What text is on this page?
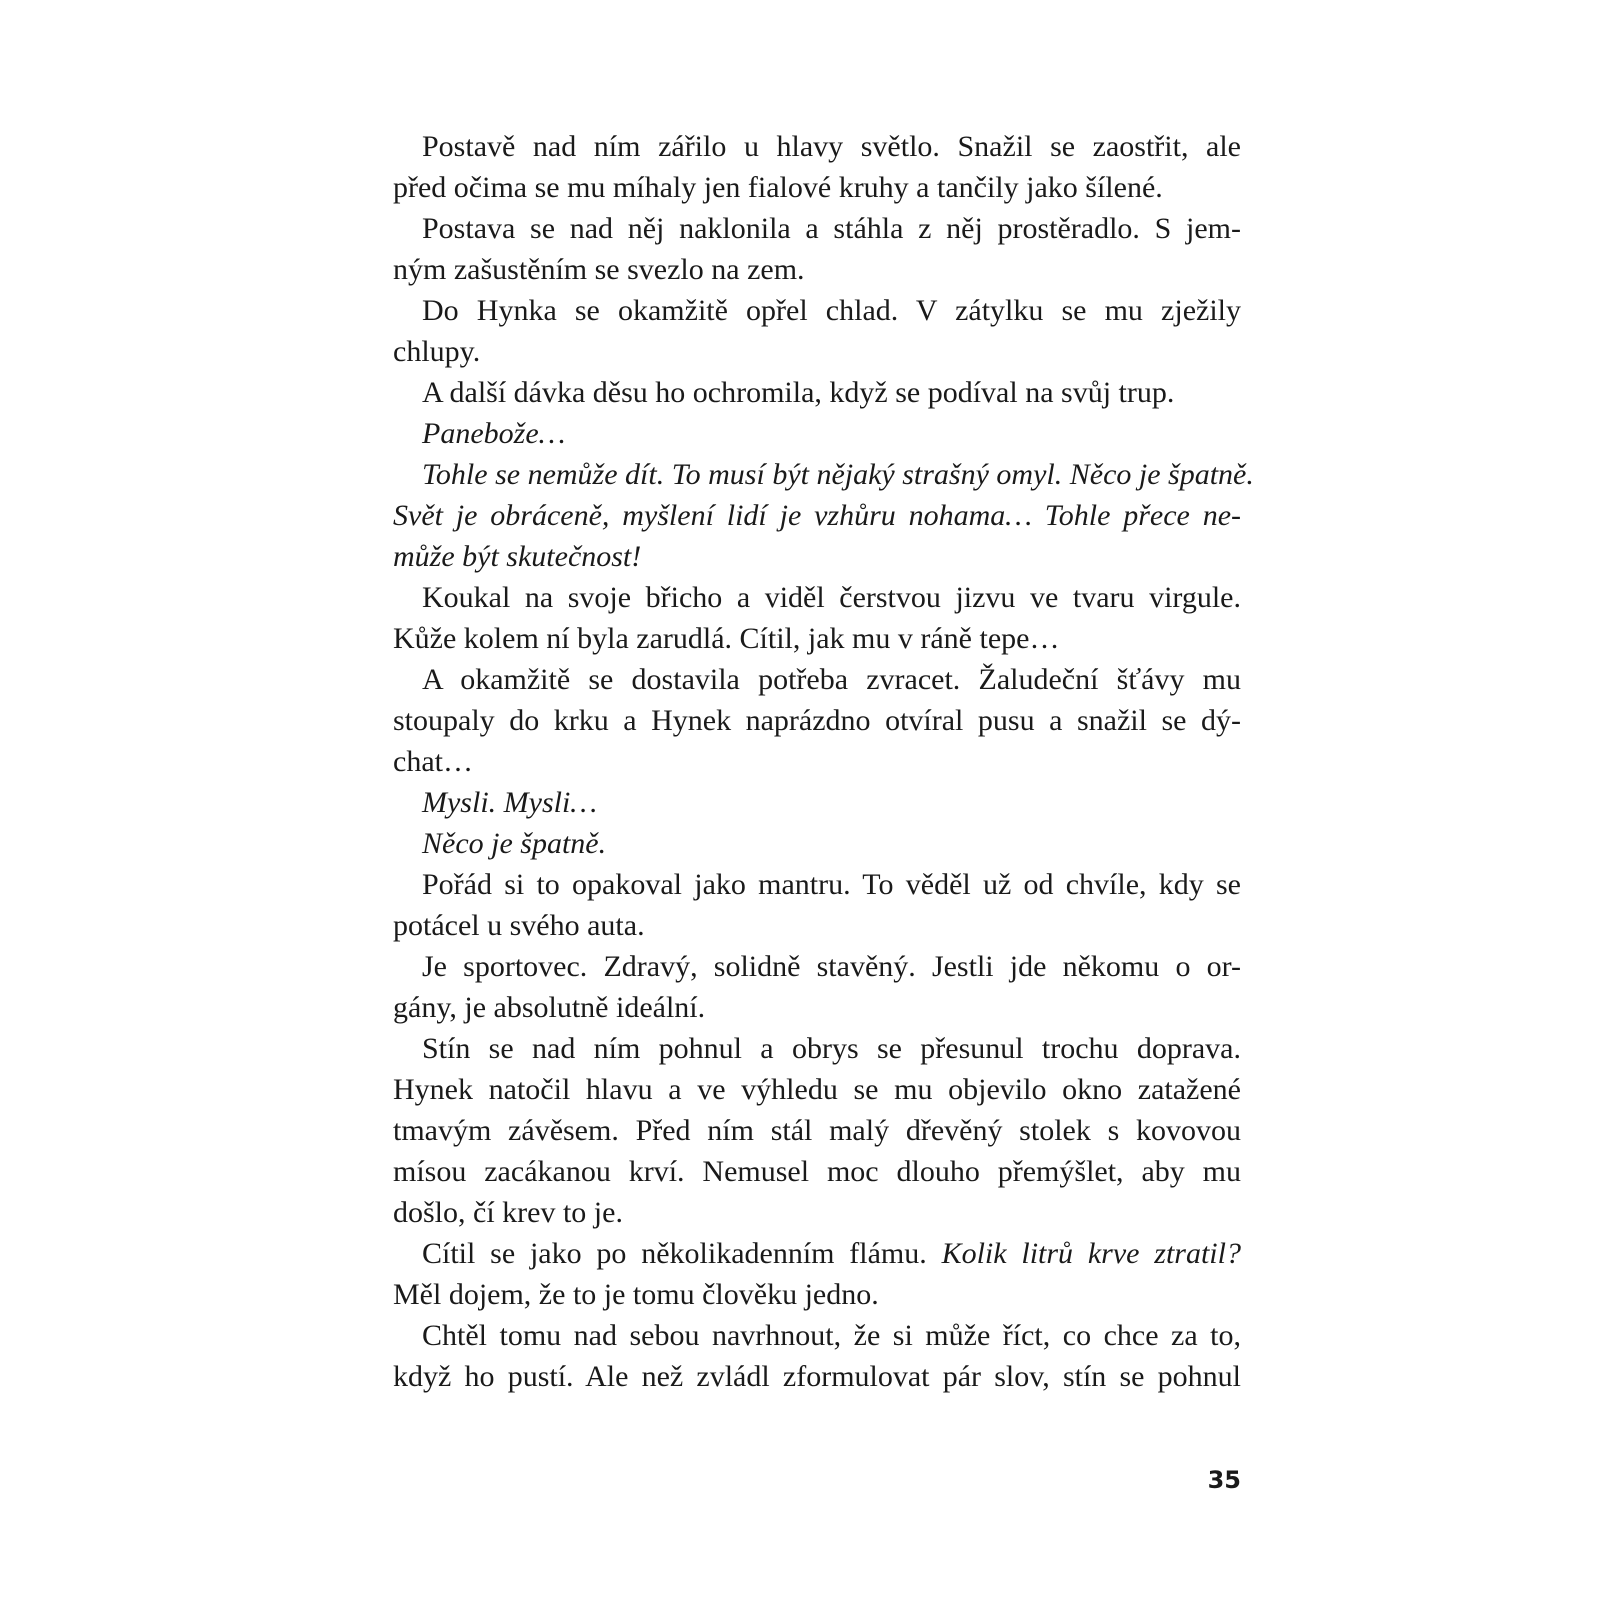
Postavě nad ním zářilo u hlavy světlo. Snažil se zaostřit, ale
před očima se mu míhaly jen fialové kruhy a tančily jako šílené.
Postava se nad něj naklonila a stáhla z něj prostěradlo. S jem-
ným zašustěním se svezlo na zem.
Do Hynka se okamžitě opřel chlad. V zátylku se mu zježily
chlupy.
A další dávka děsu ho ochromila, když se podíval na svůj trup.
Panebože…
Tohle se nemůže dít. To musí být nějaký strašný omyl. Něco je špatně.
Svět je obráceně, myšlení lidí je vzhůru nohama… Tohle přece ne-
může být skutečnost!
Koukal na svoje břicho a viděl čerstvou jizvu ve tvaru virgule.
Kůže kolem ní byla zarudlá. Cítil, jak mu v ráně tepe…
A okamžitě se dostavila potřeba zvracet. Žaludeční šťávy mu
stoupaly do krku a Hynek naprázdno otvíral pusu a snažil se dý-
chat…
Mysli. Mysli…
Něco je špatně.
Pořád si to opakoval jako mantru. To věděl už od chvíle, kdy se
potácel u svého auta.
Je sportovec. Zdravý, solidně stavěný. Jestli jde někomu o or-
gány, je absolutně ideální.
Stín se nad ním pohnul a obrys se přesunul trochu doprava.
Hynek natočil hlavu a ve výhledu se mu objevilo okno zatažené
tmavým závěsem. Před ním stál malý dřevěný stolek s kovovou
mísou zacákanou krví. Nemusel moc dlouho přemýšlet, aby mu
došlo, čí krev to je.
Cítil se jako po několikadenním flámu. Kolik litrů krve ztratil?
Měl dojem, že to je tomu člověku jedno.
Chtěl tomu nad sebou navrhnout, že si může říct, co chce za to,
když ho pustí. Ale než zvládl zformulovat pár slov, stín se pohnul
35
